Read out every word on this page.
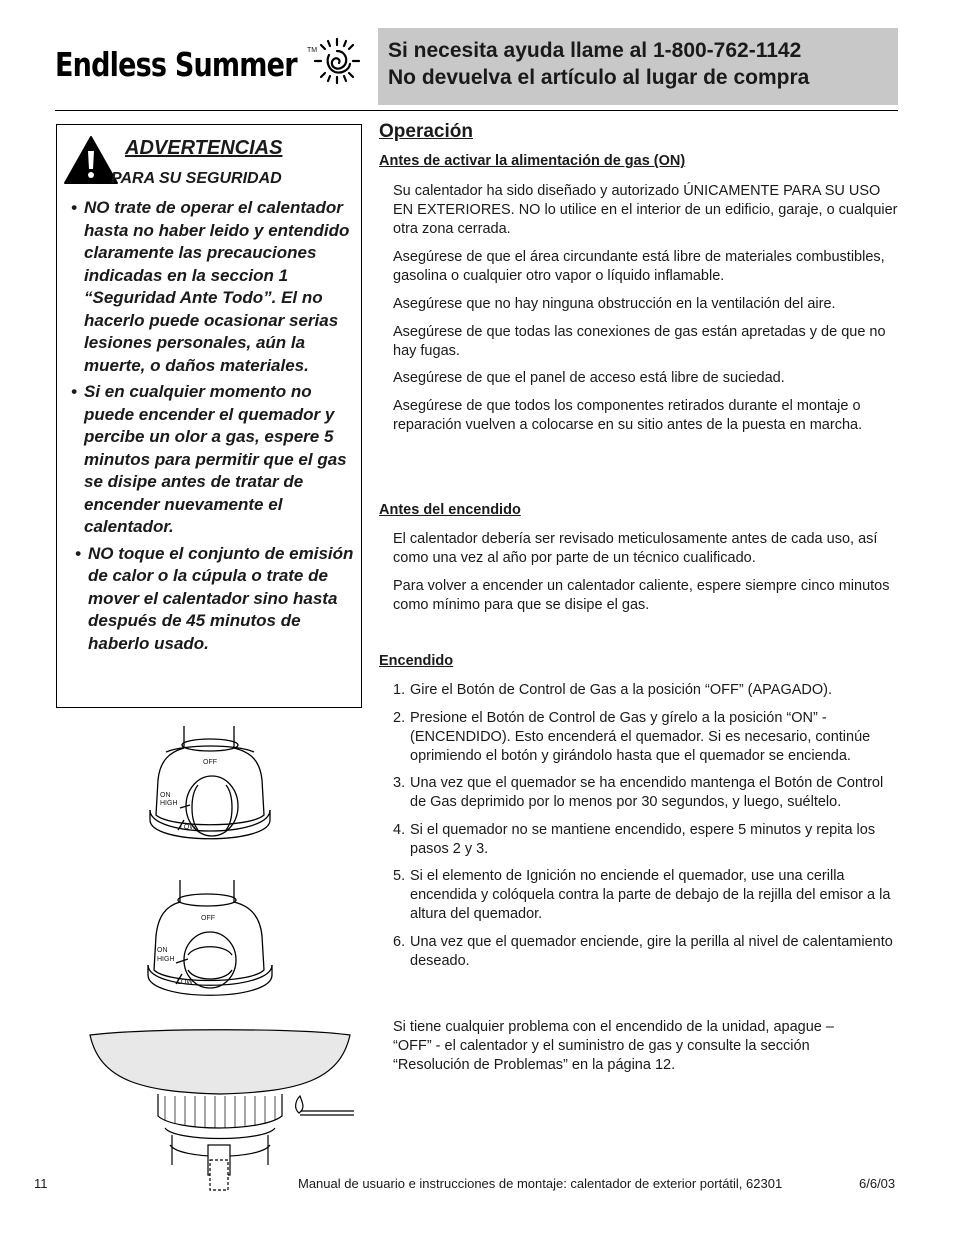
Endless Summer TM	Si necesita ayuda llame al 1-800-762-1142
No devuelva el artículo al lugar de compra
ADVERTENCIAS
PARA SU SEGURIDAD
• NO trate de operar el calentador hasta no haber leido y entendido claramente las precauciones indicadas en la seccion 1 “Seguridad Ante Todo”. El no hacerlo puede ocasionar serias lesiones personales, aún la muerte, o daños materiales.
• Si en cualquier momento no puede encender el quemador y percibe un olor a gas, espere 5 minutos para permitir que el gas se disipe antes de tratar de encender nuevamente el calentador.
• NO toque el conjunto de emisión de calor o la cúpula o trate de mover el calentador sino hasta después de 45 minutos de haberlo usado.
OFF
ON
HIGH
LOW
OFF
ON
HIGH
LOW
Operación
Antes de activar la alimentación de gas (ON)
Su calentador ha sido diseñado y autorizado ÚNICAMENTE PARA SU USO EN EXTERIORES. NO lo utilice en el interior de un edificio, garaje, o cualquier otra zona cerrada.
Asegúrese de que el área circundante está libre de materiales combustibles, gasolina o cualquier otro vapor o líquido inflamable.
Asegúrese que no hay ninguna obstrucción en la ventilación del aire.
Asegúrese de que todas las conexiones de gas están apretadas y de que no hay fugas.
Asegúrese de que el panel de acceso está libre de suciedad.
Asegúrese de que todos los componentes retirados durante el montaje o reparación vuelven a colocarse en su sitio antes de la puesta en marcha.
Antes del encendido
El calentador debería ser revisado meticulosamente antes de cada uso, así como una vez al año por parte de un técnico cualificado.
Para volver a encender un calentador caliente, espere siempre cinco minutos como mínimo para que se disipe el gas.
Encendido
1. Gire el Botón de Control de Gas a la posición “OFF” (APAGADO).
2. Presione el Botón de Control de Gas y gírelo a la posición “ON” - (ENCENDIDO). Esto encenderá el quemador. Si es necesario, continúe oprimiendo el botón y girándolo hasta que el quemador se encienda.
3. Una vez que el quemador se ha encendido mantenga el Botón de Control de Gas deprimido por lo menos por 30 segundos, y luego, suéltelo.
4. Si el quemador no se mantiene encendido, espere 5 minutos y repita los pasos 2 y 3.
5. Si el elemento de Ignición no enciende el quemador, use una cerilla encendida y colóquela contra la parte de debajo de la rejilla del emisor a la altura del quemador.
6. Una vez que el quemador enciende, gire la perilla al nivel de calentamiento deseado.
Si tiene cualquier problema con el encendido de la unidad, apague – “OFF” - el calentador y el suministro de gas y consulte la sección “Resolución de Problemas” en la página 12.
11	Manual de usuario e instrucciones de montaje: calentador de exterior portátil, 62301	6/6/03
